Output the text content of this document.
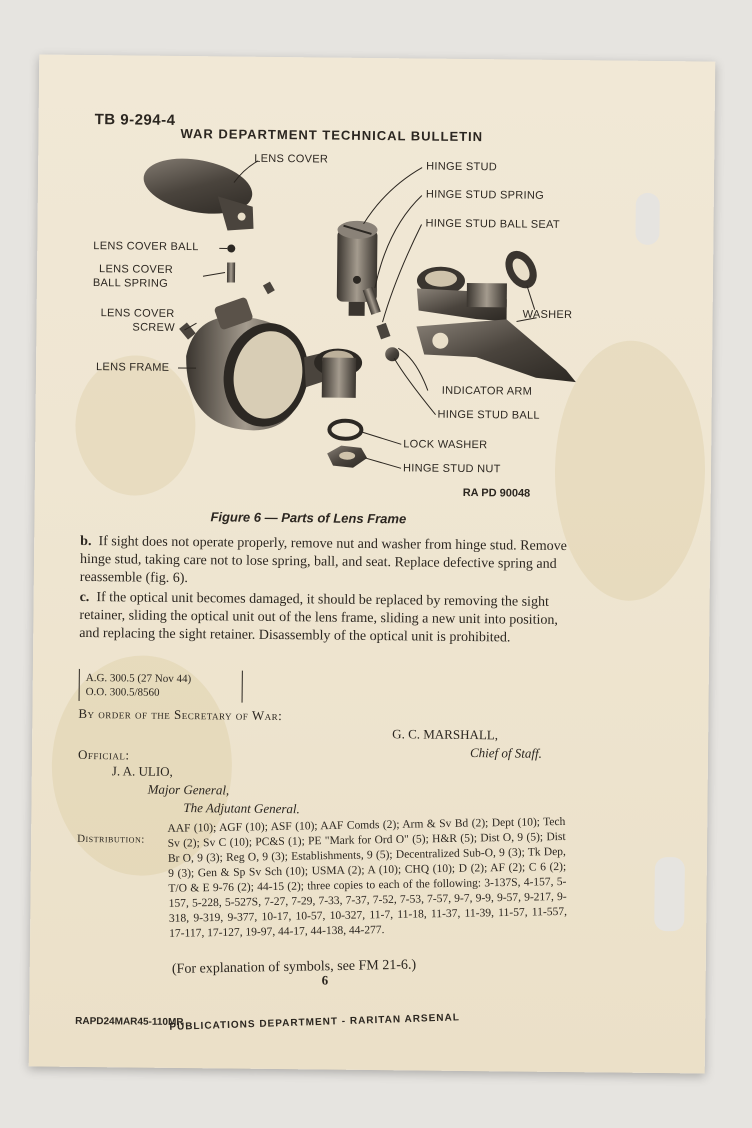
TB 9-294-4
WAR DEPARTMENT TECHNICAL BULLETIN
LENS COVER
LENS COVER BALL
LENS COVER
BALL SPRING
LENS COVER
SCREW
LENS FRAME
HINGE STUD
HINGE STUD SPRING
HINGE STUD BALL SEAT
WASHER
INDICATOR ARM
HINGE STUD BALL
LOCK WASHER
HINGE STUD NUT
RA PD 90048
Figure 6 — Parts of Lens Frame
b. If sight does not operate properly, remove nut and washer from hinge stud. Remove hinge stud, taking care not to lose spring, ball, and seat. Replace defective spring and reassemble (fig. 6).
c. If the optical unit becomes damaged, it should be replaced by removing the sight retainer, sliding the optical unit out of the lens frame, sliding a new unit into position, and replacing the sight retainer. Disassembly of the optical unit is prohibited.
A.G. 300.5 (27 Nov 44)
O.O. 300.5/8560
By order of the Secretary of War:
G. C. MARSHALL,
Chief of Staff.
Official:
J. A. ULIO,
Major General,
The Adjutant General.
Distribution:
AAF (10); AGF (10); ASF (10); AAF Comds (2); Arm & Sv Bd (2); Dept (10); Tech Sv (2); Sv C (10); PC&S (1); PE "Mark for Ord O" (5); H&R (5); Dist O, 9 (5); Dist Br O, 9 (3); Reg O, 9 (3); Establishments, 9 (5); Decentralized Sub-O, 9 (3); Tk Dep, 9 (3); Gen & Sp Sv Sch (10); USMA (2); A (10); CHQ (10); D (2); AF (2); C 6 (2); T/O & E 9-76 (2); 44-15 (2); three copies to each of the following: 3-137S, 4-157, 5-157, 5-228, 5-527S, 7-27, 7-29, 7-33, 7-37, 7-52, 7-53, 7-57, 9-7, 9-9, 9-57, 9-217, 9-318, 9-319, 9-377, 10-17, 10-57, 10-327, 11-7, 11-18, 11-37, 11-39, 11-57, 11-557, 17-117, 17-127, 19-97, 44-17, 44-138, 44-277.
(For explanation of symbols, see FM 21-6.)
6
RAPD24MAR45-110MR
PUBLICATIONS DEPARTMENT - RARITAN ARSENAL
